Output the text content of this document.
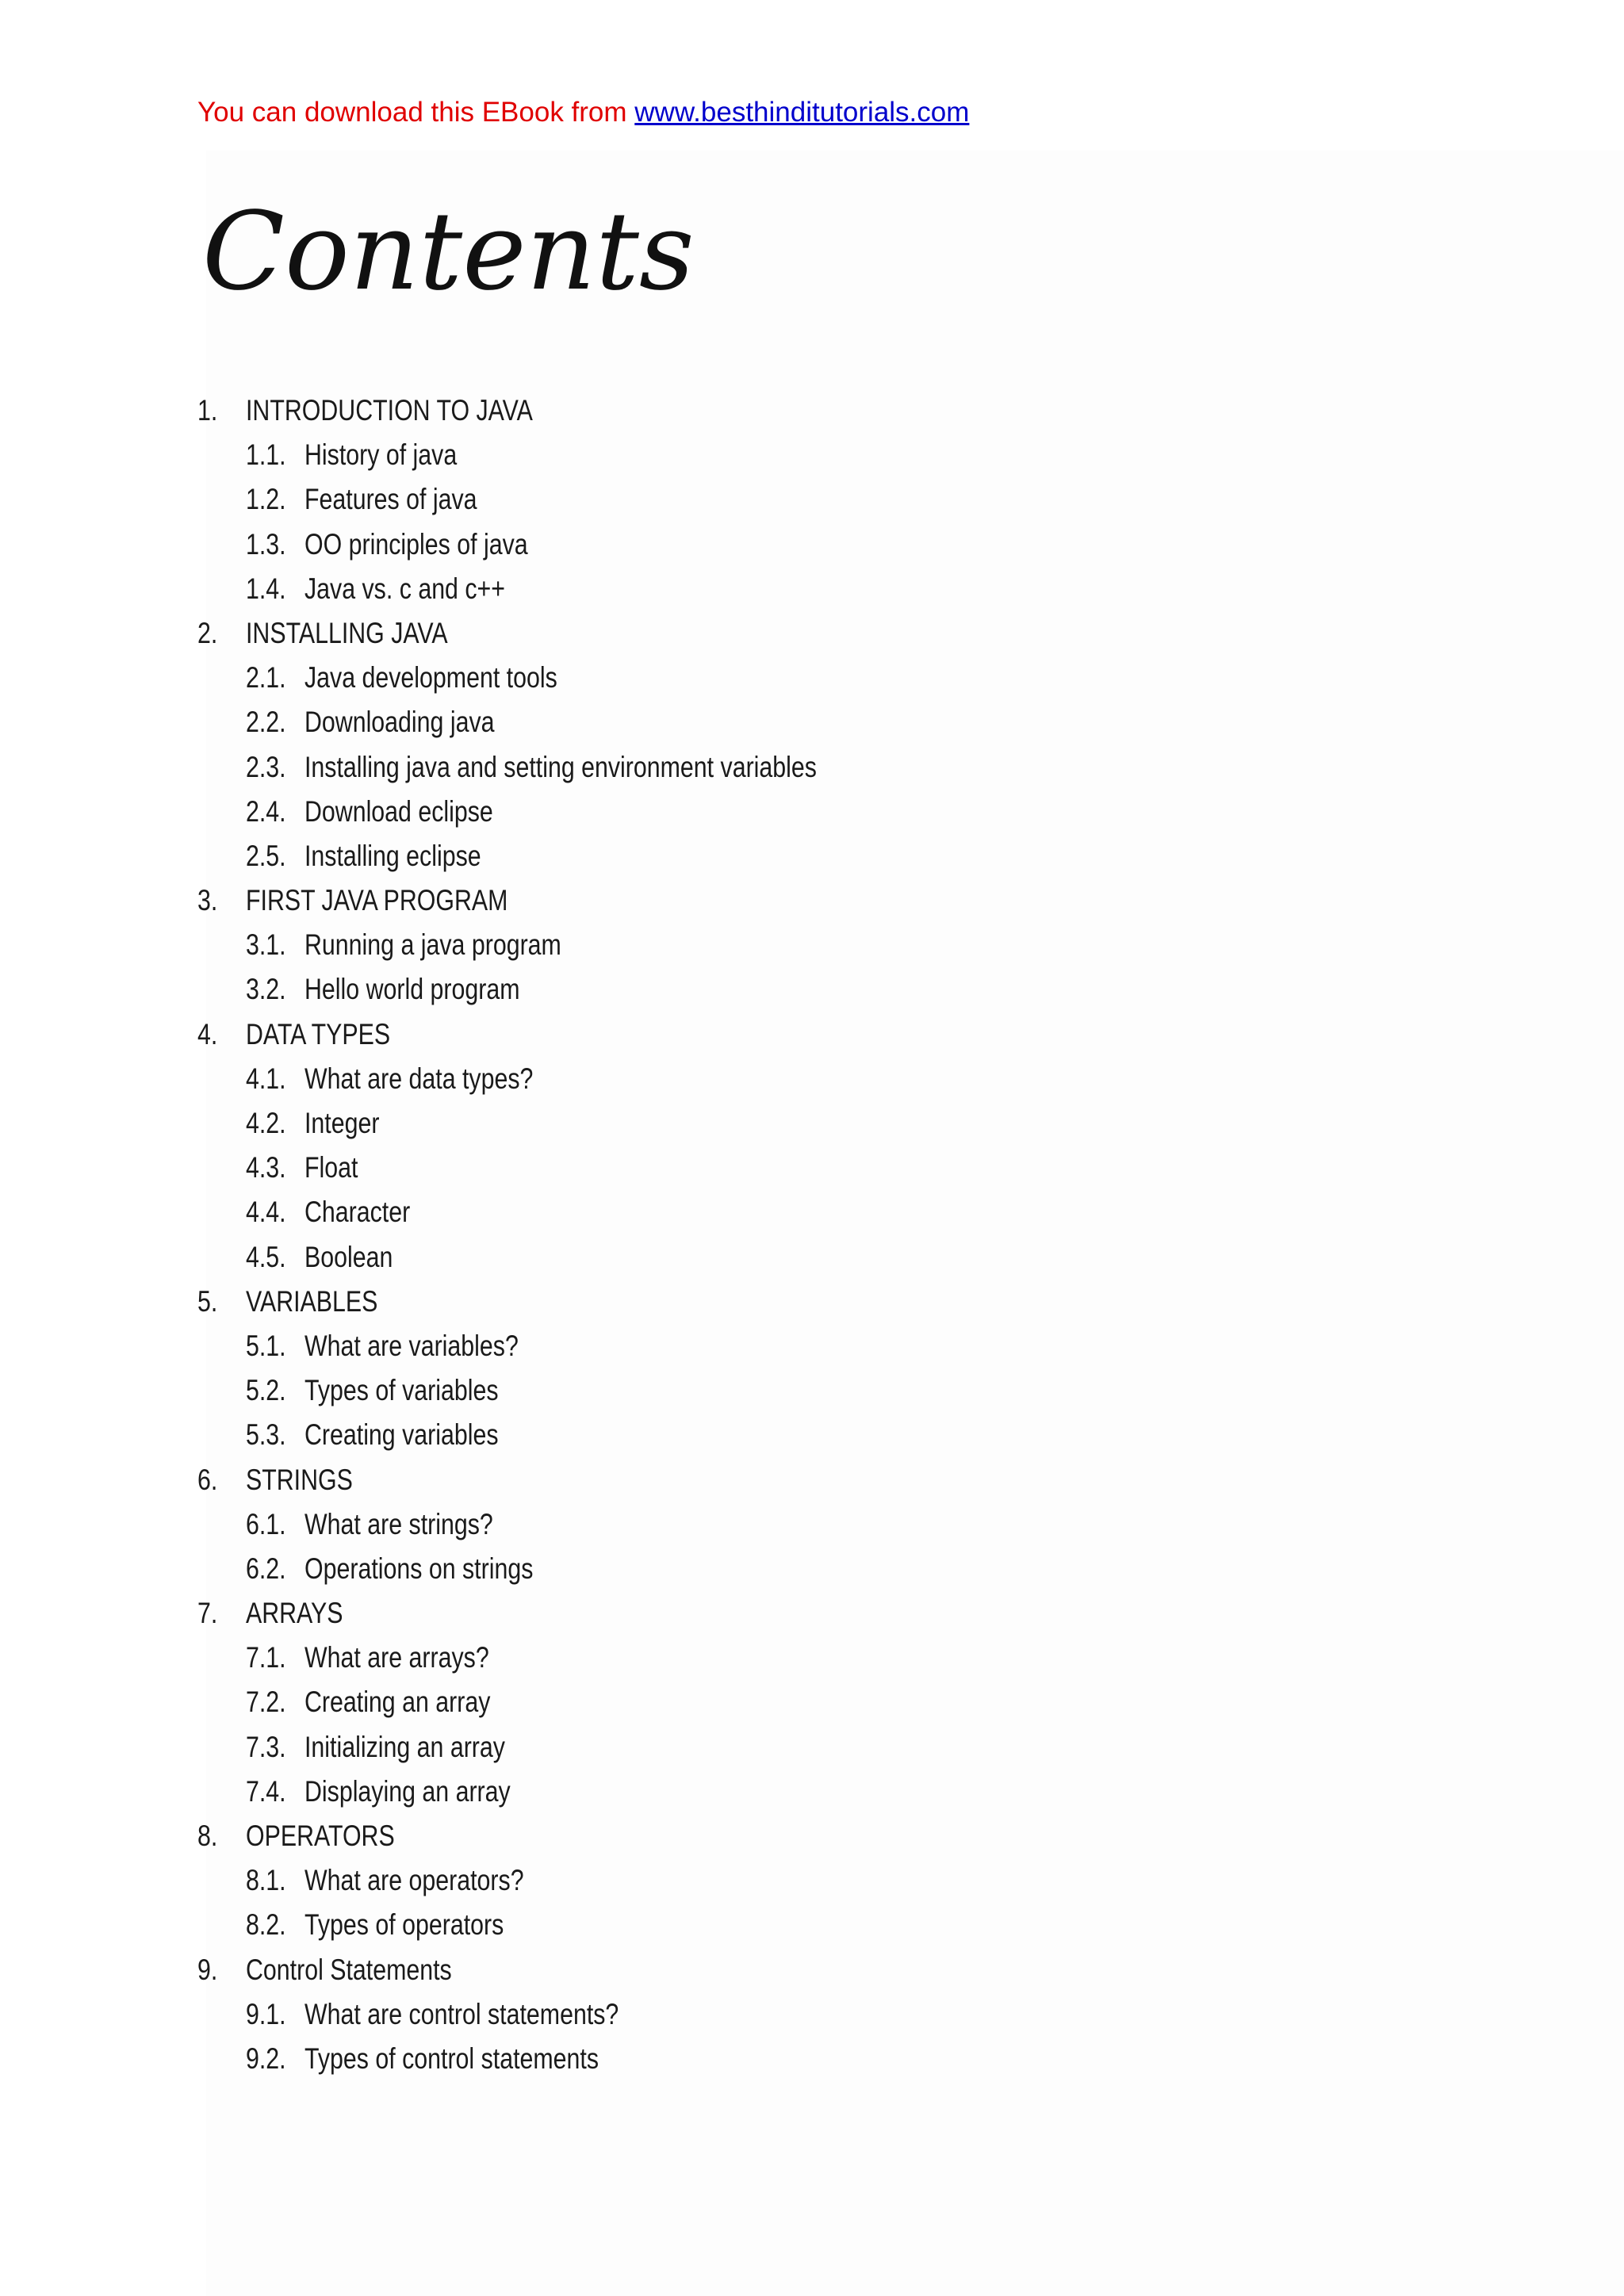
You can download this EBook from www.besthinditutorials.com
Contents
1. INTRODUCTION TO JAVA
1.1. History of java
1.2. Features of java
1.3. OO principles of java
1.4. Java vs. c and c++
2. INSTALLING JAVA
2.1. Java development tools
2.2. Downloading java
2.3. Installing java and setting environment variables
2.4. Download eclipse
2.5. Installing eclipse
3. FIRST JAVA PROGRAM
3.1. Running a java program
3.2. Hello world program
4. DATA TYPES
4.1. What are data types?
4.2. Integer
4.3. Float
4.4. Character
4.5. Boolean
5. VARIABLES
5.1. What are variables?
5.2. Types of variables
5.3. Creating variables
6. STRINGS
6.1. What are strings?
6.2. Operations on strings
7. ARRAYS
7.1. What are arrays?
7.2. Creating an array
7.3. Initializing an array
7.4. Displaying an array
8. OPERATORS
8.1. What are operators?
8.2. Types of operators
9. Control Statements
9.1. What are control statements?
9.2. Types of control statements
